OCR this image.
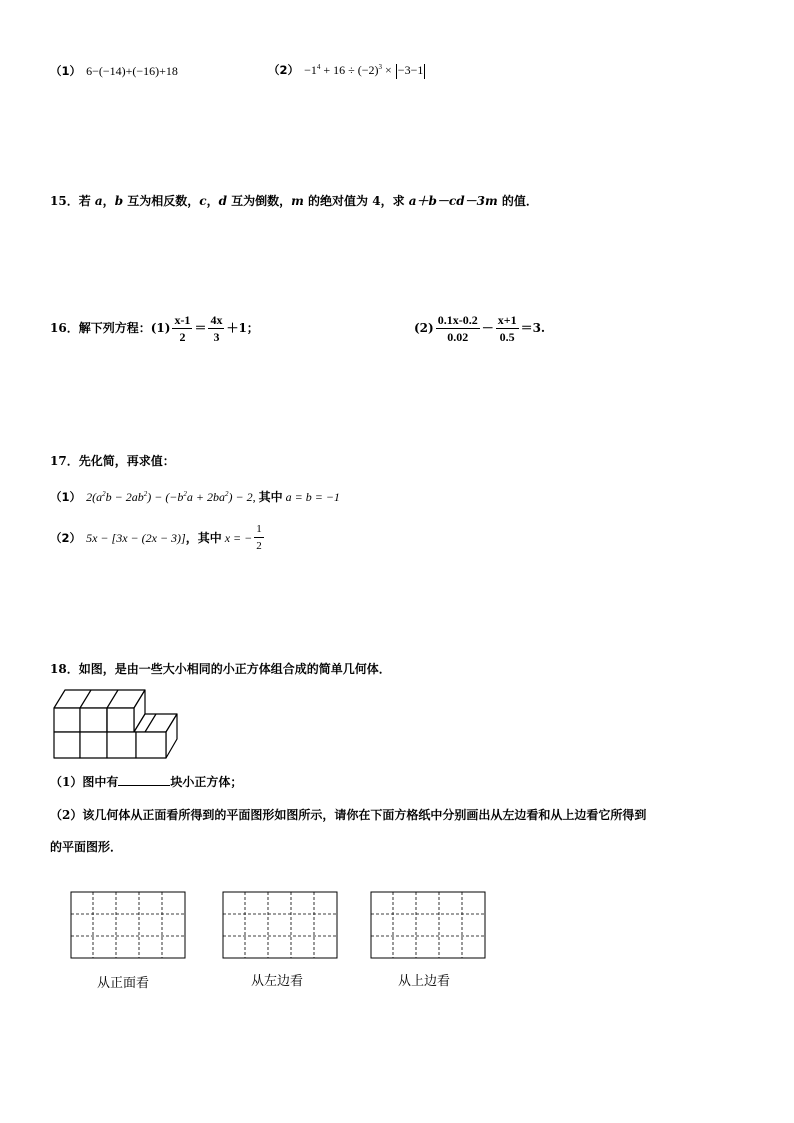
（1） 6−(−14)+(−16)+18	$(2) -1^4 + 16 \div (-2)^3 \times -3-1$
15．若 a，b 互为相反数，c，d 互为倒数，m 的绝对值为 4，求 a＋b－cd－3m 的值．
16．解下列方程：$(1) \frac{x-1}{2} = \frac{4x}{3} +1$；	$(2) \frac{0.1x-0.2}{0.02} - \frac{x+1}{0.5} =3$.
17．先化简，再求值：
（1） $2(a^2b - 2ab^2) - (-b^2a + 2ba^2) - 2$, 其中 a = b = −1
（2） 5x − [3x − (2x − 3)]，其中 x = − $\frac{1}{2}$
18．如图，是由一些大小相同的小正方体组合成的简单几何体．
（1）图中有	块小正方体；
（2）该几何体从正面看所得到的平面图形如图所示，请你在下面方格纸中分别画出从左边看和从上边看它所得到
的平面图形．
从正面看	从左边看	从上边看
